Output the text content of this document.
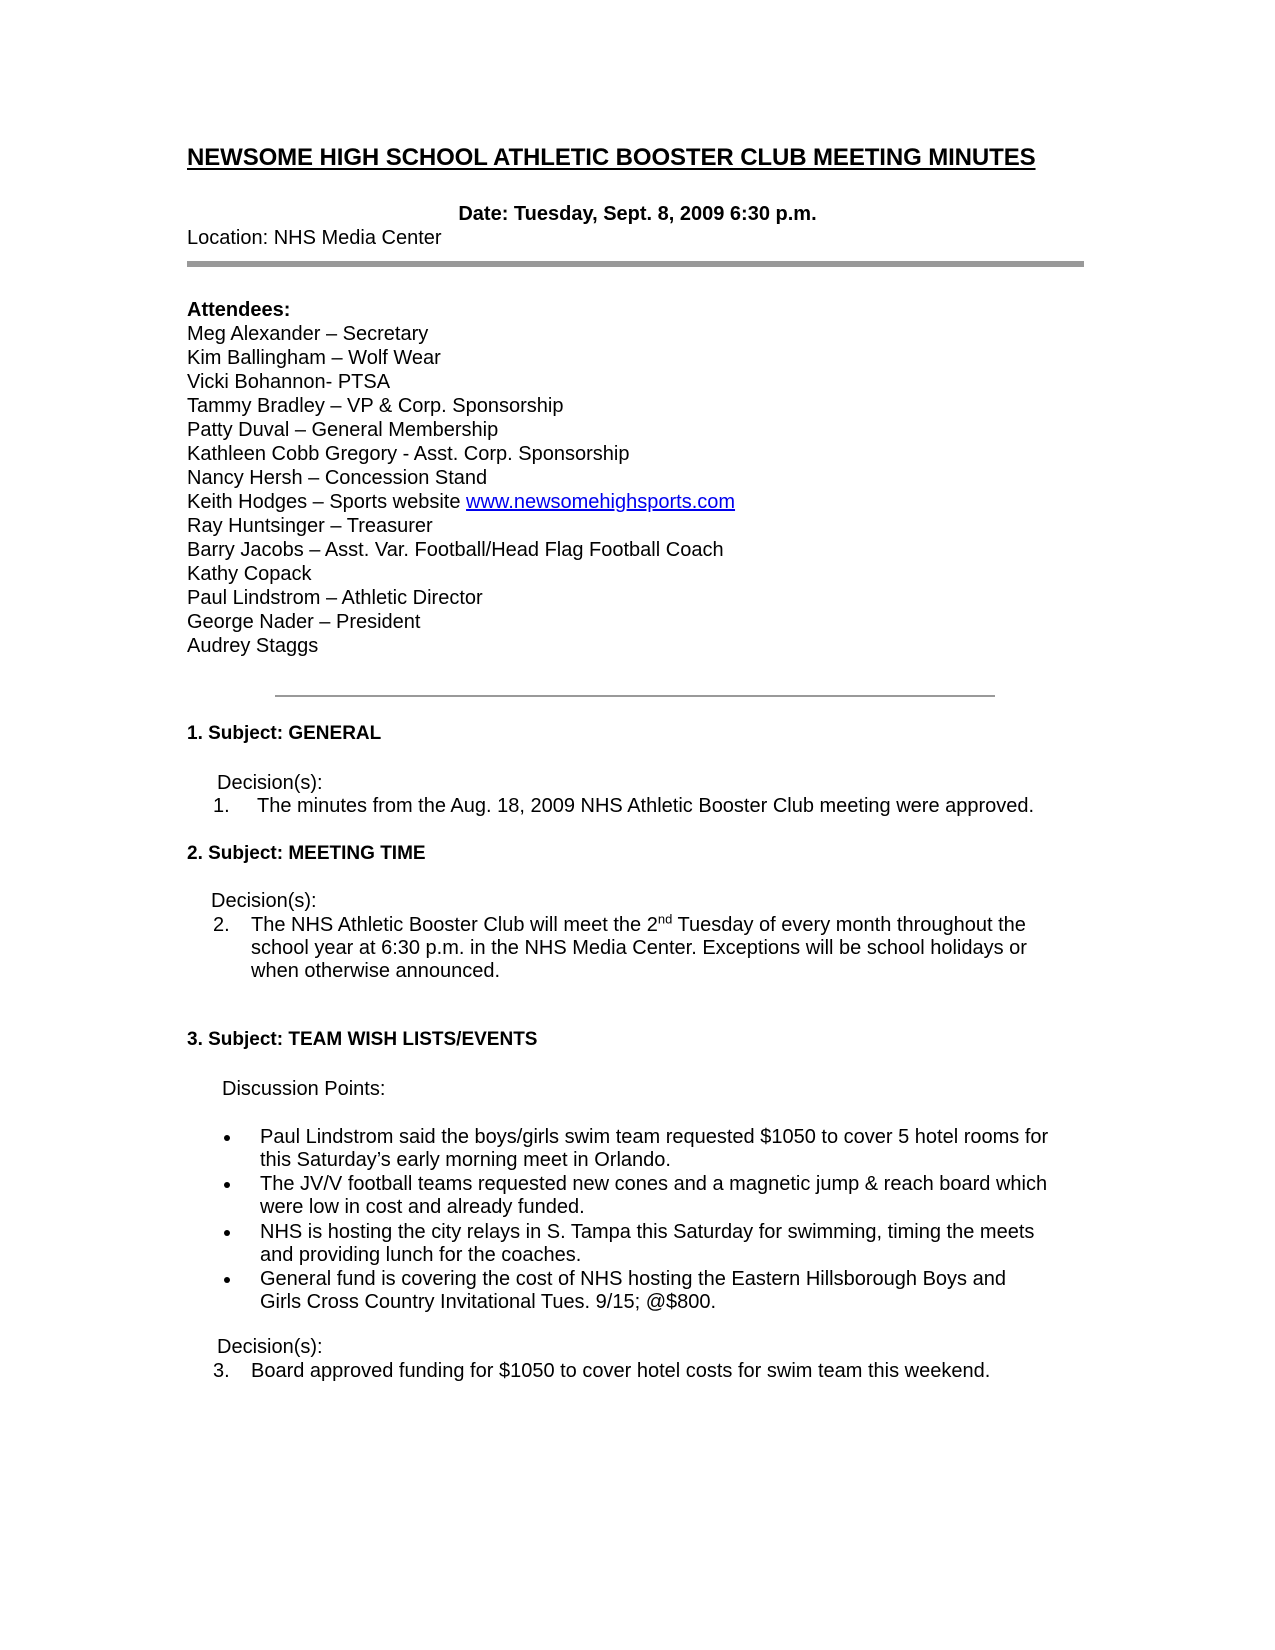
NEWSOME HIGH SCHOOL ATHLETIC BOOSTER CLUB MEETING MINUTES
Date: Tuesday, Sept. 8, 2009 6:30 p.m.
Location: NHS Media Center
Attendees:
Meg Alexander – Secretary
Kim Ballingham – Wolf Wear
Vicki Bohannon- PTSA
Tammy Bradley – VP & Corp. Sponsorship
Patty Duval – General Membership
Kathleen Cobb Gregory - Asst. Corp. Sponsorship
Nancy Hersh – Concession Stand
Keith Hodges – Sports website www.newsomehighsports.com
Ray Huntsinger – Treasurer
Barry Jacobs – Asst. Var. Football/Head Flag Football Coach
Kathy Copack
Paul Lindstrom – Athletic Director
George Nader – President
Audrey Staggs
1. Subject: GENERAL
Decision(s):
1. The minutes from the Aug. 18, 2009 NHS Athletic Booster Club meeting were approved.
2. Subject: MEETING TIME
Decision(s):
2. The NHS Athletic Booster Club will meet the 2nd Tuesday of every month throughout the
school year at 6:30 p.m. in the NHS Media Center. Exceptions will be school holidays or
when otherwise announced.
3. Subject: TEAM WISH LISTS/EVENTS
Discussion Points:
Paul Lindstrom said the boys/girls swim team requested $1050 to cover 5 hotel rooms for
this Saturday’s early morning meet in Orlando.
The JV/V football teams requested new cones and a magnetic jump & reach board which
were low in cost and already funded.
NHS is hosting the city relays in S. Tampa this Saturday for swimming, timing the meets
and providing lunch for the coaches.
General fund is covering the cost of NHS hosting the Eastern Hillsborough Boys and
Girls Cross Country Invitational Tues. 9/15; @$800.
Decision(s):
3. Board approved funding for $1050 to cover hotel costs for swim team this weekend.
